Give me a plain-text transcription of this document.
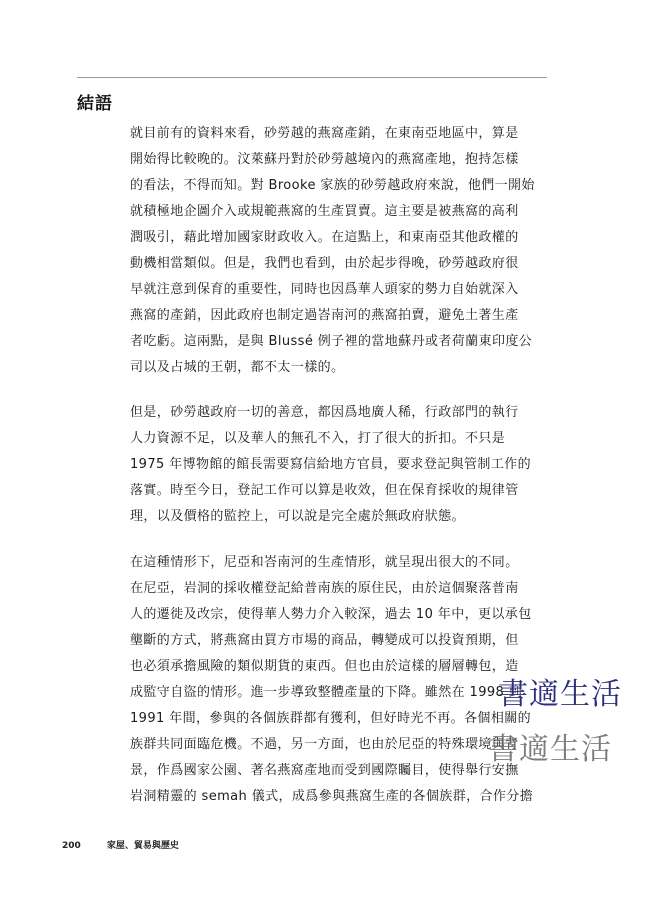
結語
就目前有的資料來看，砂勞越的燕窩產銷，在東南亞地區中，算是
開始得比較晚的。汶萊蘇丹對於砂勞越境內的燕窩產地，抱持怎樣
的看法，不得而知。對 Brooke 家族的砂勞越政府來說，他們一開始
就積極地企圖介入或規範燕窩的生產買賣。這主要是被燕窩的高利
潤吸引，藉此增加國家財政收入。在這點上，和東南亞其他政權的
動機相當類似。但是，我們也看到，由於起步得晚，砂勞越政府很
早就注意到保育的重要性，同時也因爲華人頭家的勢力自始就深入
燕窩的產銷，因此政府也制定過峇南河的燕窩拍賣，避免土著生產
者吃虧。這兩點，是與 Blussé 例子裡的當地蘇丹或者荷蘭東印度公
司以及占城的王朝，都不太一樣的。
但是，砂勞越政府一切的善意，都因爲地廣人稀，行政部門的執行
人力資源不足，以及華人的無孔不入，打了很大的折扣。不只是
1975 年博物館的館長需要寫信給地方官員，要求登記與管制工作的
落實。時至今日，登記工作可以算是收效，但在保育採收的規律管
理，以及價格的監控上，可以說是完全處於無政府狀態。
在這種情形下，尼亞和峇南河的生產情形，就呈現出很大的不同。
在尼亞，岩洞的採收權登記給普南族的原住民，由於這個聚落普南
人的遷徙及改宗，使得華人勢力介入較深，過去 10 年中，更以承包
壟斷的方式，將燕窩由買方市場的商品，轉變成可以投資預期，但
也必須承擔風險的類似期貨的東西。但也由於這樣的層層轉包，造
成監守自盜的情形。進一步導致整體產量的下降。雖然在 1998 到
1991 年間，參與的各個族群都有獲利，但好時光不再。各個相關的
族群共同面臨危機。不過，另一方面，也由於尼亞的特殊環境與背
景，作爲國家公園、著名燕窩產地而受到國際矚目，使得舉行安撫
岩洞精靈的 semah 儀式，成爲參與燕窩生產的各個族群，合作分擔
書適生活
書適生活
200	家屋、貿易與歷史
